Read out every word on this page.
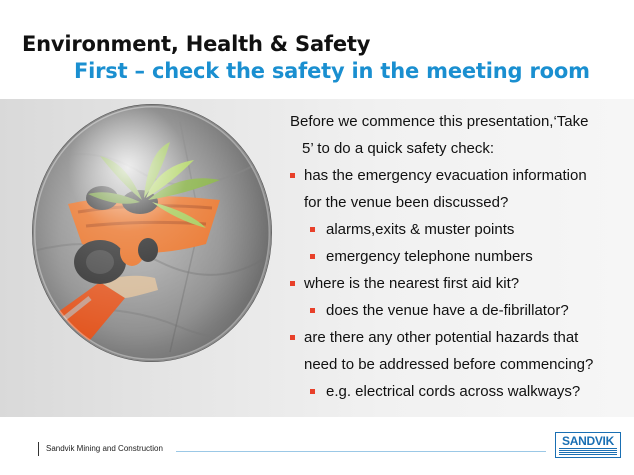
Environment, Health & Safety
First – check the safety in the meeting room
Before we commence this presentation,‘Take
5’ to do a quick safety check:
has the emergency evacuation information
for the venue been discussed?
alarms,exits & muster points
emergency telephone numbers
where is the nearest first aid kit?
does the venue have a de-fibrillator?
are there any other potential hazards that
need to be addressed before commencing?
e.g. electrical cords across walkways?
Sandvik Mining and Construction
SANDVIK
